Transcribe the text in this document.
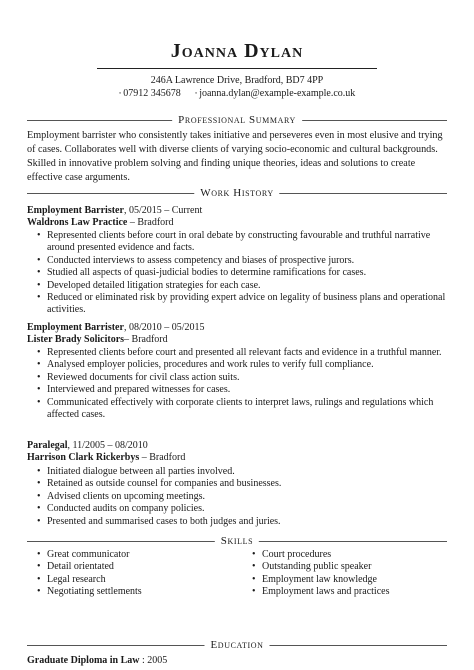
Joanna Dylan
246A Lawrence Drive, Bradford, BD7 4PP
◦ 07912 345678 ◦ joanna.dylan@example-example.co.uk
Professional Summary
Employment barrister who consistently takes initiative and perseveres even in most elusive and trying of cases. Collaborates well with diverse clients of varying socio-economic and cultural backgrounds. Skilled in innovative problem solving and finding unique theories, ideas and solutions to create effective case arguments.
Work History
Employment Barrister, 05/2015 – Current
Waldrons Law Practice – Bradford
• Represented clients before court in oral debate by constructing favourable and truthful narrative around presented evidence and facts.
• Conducted interviews to assess competency and biases of prospective jurors.
• Studied all aspects of quasi-judicial bodies to determine ramifications for cases.
• Developed detailed litigation strategies for each case.
• Reduced or eliminated risk by providing expert advice on legality of business plans and operational activities.
Employment Barrister, 08/2010 – 05/2015
Lister Brady Solicitors– Bradford
• Represented clients before court and presented all relevant facts and evidence in a truthful manner.
• Analysed employer policies, procedures and work rules to verify full compliance.
• Reviewed documents for civil class action suits.
• Interviewed and prepared witnesses for cases.
• Communicated effectively with corporate clients to interpret laws, rulings and regulations which affected cases.
Paralegal, 11/2005 – 08/2010
Harrison Clark Rickerbys – Bradford
• Initiated dialogue between all parties involved.
• Retained as outside counsel for companies and businesses.
• Advised clients on upcoming meetings.
• Conducted audits on company policies.
• Presented and summarised cases to both judges and juries.
Skills
• Great communicator
• Detail orientated
• Legal research
• Negotiating settlements
• Court procedures
• Outstanding public speaker
• Employment law knowledge
• Employment laws and practices
Education
Graduate Diploma in Law : 2005
